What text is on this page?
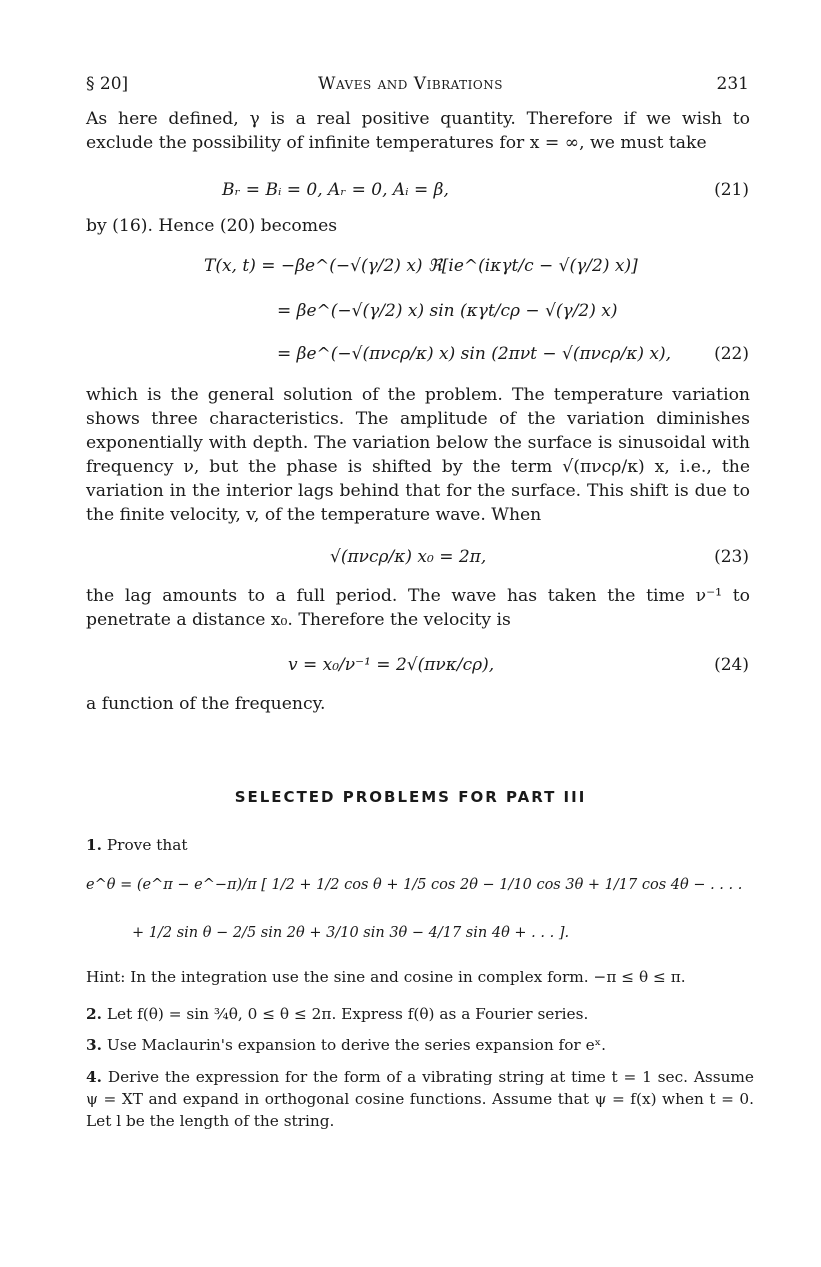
§ 20]	Waves and Vibrations	231
As here defined, γ is a real positive quantity. Therefore if we wish to exclude the possibility of infinite temperatures for x = ∞, we must take
Bᵣ = Bᵢ = 0, Aᵣ = 0, Aᵢ = β,	(21)
by (16). Hence (20) becomes
T(x, t) = −βe^(−√(γ/2) x) ℜ[ie^(iκγt/c − √(γ/2) x)]
= βe^(−√(γ/2) x) sin (κγt/cρ − √(γ/2) x)
= βe^(−√(πνcρ/κ) x) sin (2πνt − √(πνcρ/κ) x),	(22)
which is the general solution of the problem. The temperature variation shows three characteristics. The amplitude of the variation diminishes exponentially with depth. The variation below the surface is sinusoidal with frequency ν, but the phase is shifted by the term √(πνcρ/κ) x, i.e., the variation in the interior lags behind that for the surface. This shift is due to the finite velocity, v, of the temperature wave. When
√(πνcρ/κ) x₀ = 2π,	(23)
the lag amounts to a full period. The wave has taken the time ν⁻¹ to penetrate a distance x₀. Therefore the velocity is
v = x₀/ν⁻¹ = 2√(πνκ/cρ),	(24)
a function of the frequency.
SELECTED PROBLEMS FOR PART III
1. Prove that
e^θ = (e^π − e^−π)/π [ 1/2 + 1/2 cos θ + 1/5 cos 2θ − 1/10 cos 3θ + 1/17 cos 4θ − . . . .
+ 1/2 sin θ − 2/5 sin 2θ + 3/10 sin 3θ − 4/17 sin 4θ + . . . ].
Hint: In the integration use the sine and cosine in complex form. −π ≤ θ ≤ π.
2. Let f(θ) = sin ¾θ, 0 ≤ θ ≤ 2π. Express f(θ) as a Fourier series.
3. Use Maclaurin's expansion to derive the series expansion for eˣ.
4. Derive the expression for the form of a vibrating string at time t = 1 sec. Assume ψ = XT and expand in orthogonal cosine functions. Assume that ψ = f(x) when t = 0. Let l be the length of the string.
